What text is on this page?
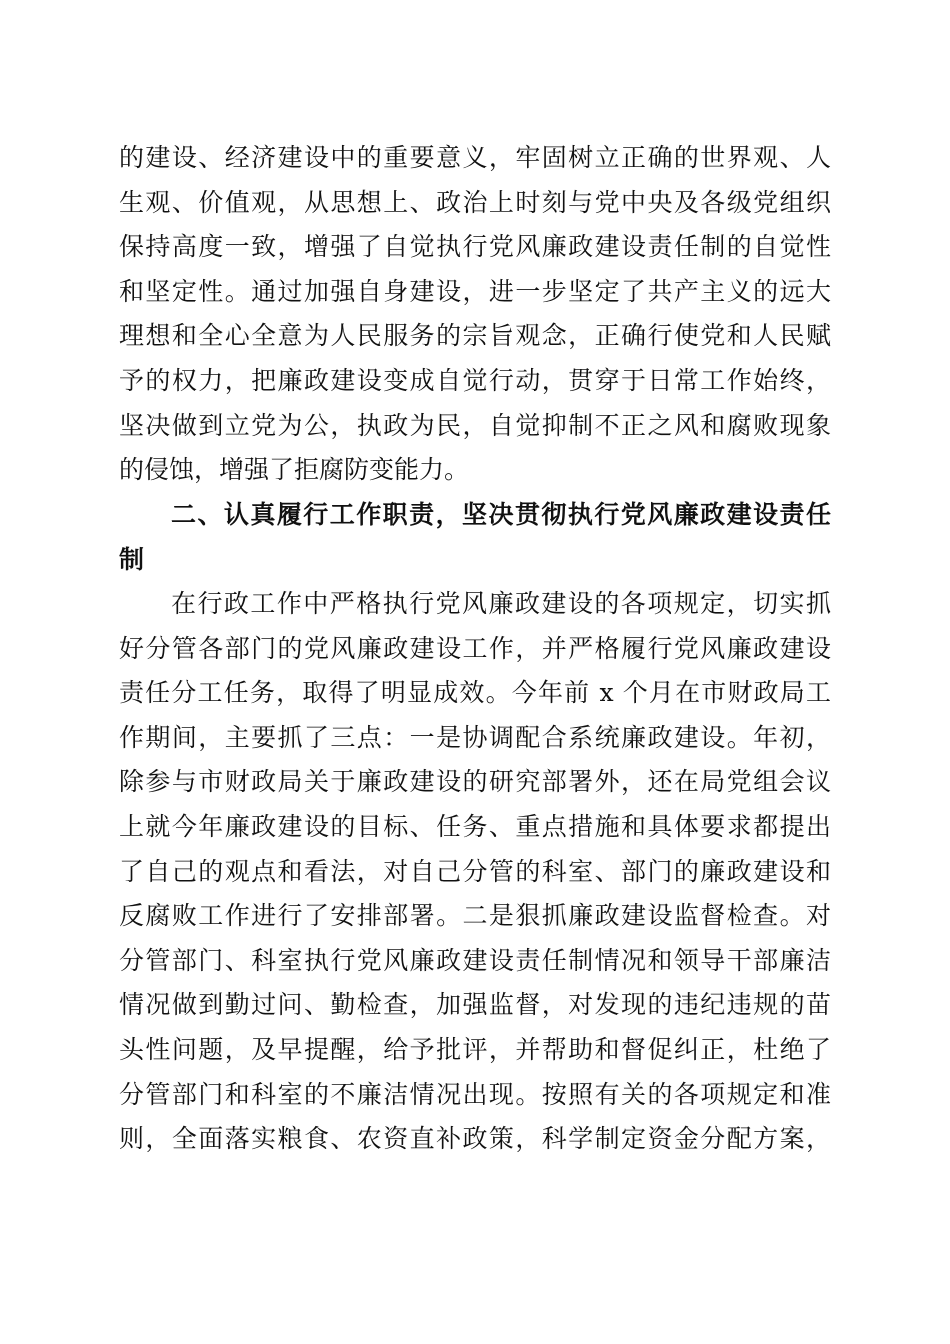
的建设、经济建设中的重要意义，牢固树立正确的世界观、人
生观、价值观，从思想上、政治上时刻与党中央及各级党组织
保持高度一致，增强了自觉执行党风廉政建设责任制的自觉性
和坚定性。通过加强自身建设，进一步坚定了共产主义的远大
理想和全心全意为人民服务的宗旨观念，正确行使党和人民赋
予的权力，把廉政建设变成自觉行动，贯穿于日常工作始终，
坚决做到立党为公，执政为民，自觉抑制不正之风和腐败现象
的侵蚀，增强了拒腐防变能力。
二、认真履行工作职责，坚决贯彻执行党风廉政建设责任
制
在行政工作中严格执行党风廉政建设的各项规定，切实抓
好分管各部门的党风廉政建设工作，并严格履行党风廉政建设
责任分工任务，取得了明显成效。今年前 x 个月在市财政局工
作期间，主要抓了三点：一是协调配合系统廉政建设。年初，
除参与市财政局关于廉政建设的研究部署外，还在局党组会议
上就今年廉政建设的目标、任务、重点措施和具体要求都提出
了自己的观点和看法，对自己分管的科室、部门的廉政建设和
反腐败工作进行了安排部署。二是狠抓廉政建设监督检查。对
分管部门、科室执行党风廉政建设责任制情况和领导干部廉洁
情况做到勤过问、勤检查，加强监督，对发现的违纪违规的苗
头性问题，及早提醒，给予批评，并帮助和督促纠正，杜绝了
分管部门和科室的不廉洁情况出现。按照有关的各项规定和准
则，全面落实粮食、农资直补政策，科学制定资金分配方案，
